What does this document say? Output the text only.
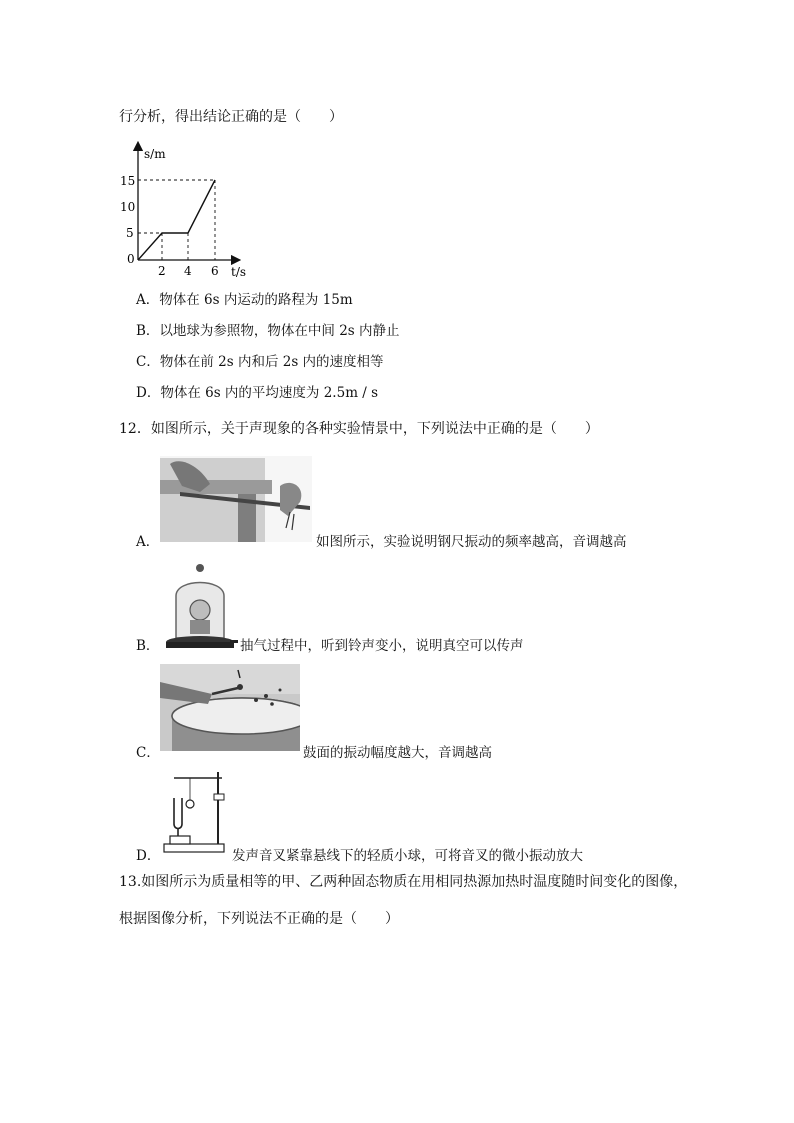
行分析，得出结论正确的是（　　）
s/m
t/s
15
10
5
0
2 4 6
A．物体在 6s 内运动的路程为 15m
B．以地球为参照物，物体在中间 2s 内静止
C．物体在前 2s 内和后 2s 内的速度相等
D．物体在 6s 内的平均速度为 2.5m / s
12．如图所示，关于声现象的各种实验情景中，下列说法中正确的是（　　）
A．	如图所示，实验说明钢尺振动的频率越高，音调越高
B．	抽气过程中，听到铃声变小，说明真空可以传声
C．	鼓面的振动幅度越大，音调越高
D．	发声音叉紧靠悬线下的轻质小球，可将音叉的微小振动放大
13.如图所示为质量相等的甲、乙两种固态物质在用相同热源加热时温度随时间变化的图像，
根据图像分析，下列说法不正确的是（　　）
